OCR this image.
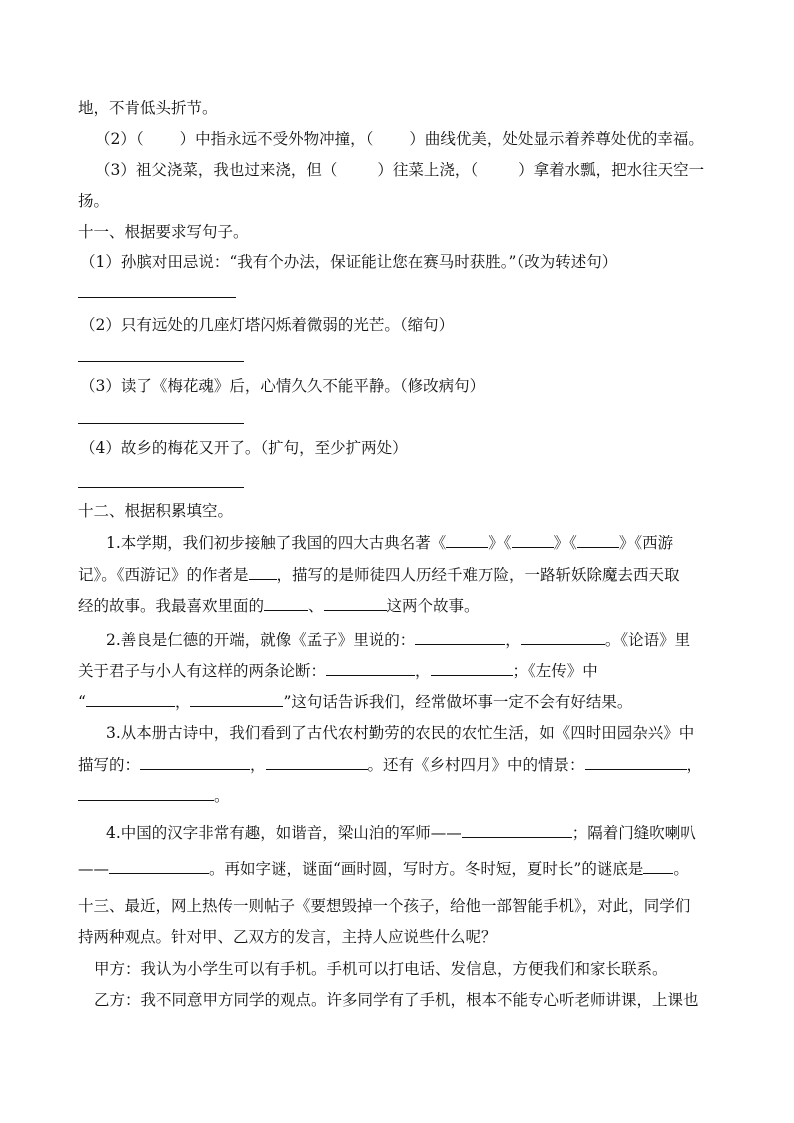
地，不肯低头折节。
（2）（ ）中指永远不受外物冲撞，（ ）曲线优美，处处显示着养尊处优的幸福。
（3）祖父浇菜，我也过来浇，但（	）往菜上浇，（	）拿着水瓢，把水往天空一
扬。
十一、根据要求写句子。
（1）孙膑对田忌说：“我有个办法，保证能让您在赛马时获胜。”（改为转述句）
（2）只有远处的几座灯塔闪烁着微弱的光芒。（缩句）
（3）读了《梅花魂》后，心情久久不能平静。（修改病句）
（4）故乡的梅花又开了。（扩句，至少扩两处）
十二、根据积累填空。
1.本学期，我们初步接触了我国的四大古典名著《	》《	》《	》《西游
记》。《西游记》的作者是 ，描写的是师徒四人历经千难万险，一路斩妖除魔去西天取
经的故事。我最喜欢里面的	、	这两个故事。
2.善良是仁德的开端，就像《孟子》里说的：	，	。《论语》里
关于君子与小人有这样的两条论断：	，	；《左传》中
“	，	”这句话告诉我们，经常做坏事一定不会有好结果。
3.从本册古诗中，我们看到了古代农村勤劳的农民的农忙生活，如《四时田园杂兴》中
描写的：	，	。还有《乡村四月》中的情景：	，
。
4.中国的汉字非常有趣，如谐音，梁山泊的军师——	；隔着门缝吹喇叭
——	。再如字谜，谜面“画时圆，写时方。冬时短，夏时长”的谜底是 。
十三、最近，网上热传一则帖子《要想毁掉一个孩子，给他一部智能手机》，对此，同学们
持两种观点。针对甲、乙双方的发言，主持人应说些什么呢？
甲方：我认为小学生可以有手机。手机可以打电话、发信息，方便我们和家长联系。
乙方：我不同意甲方同学的观点。许多同学有了手机，根本不能专心听老师讲课，上课也
